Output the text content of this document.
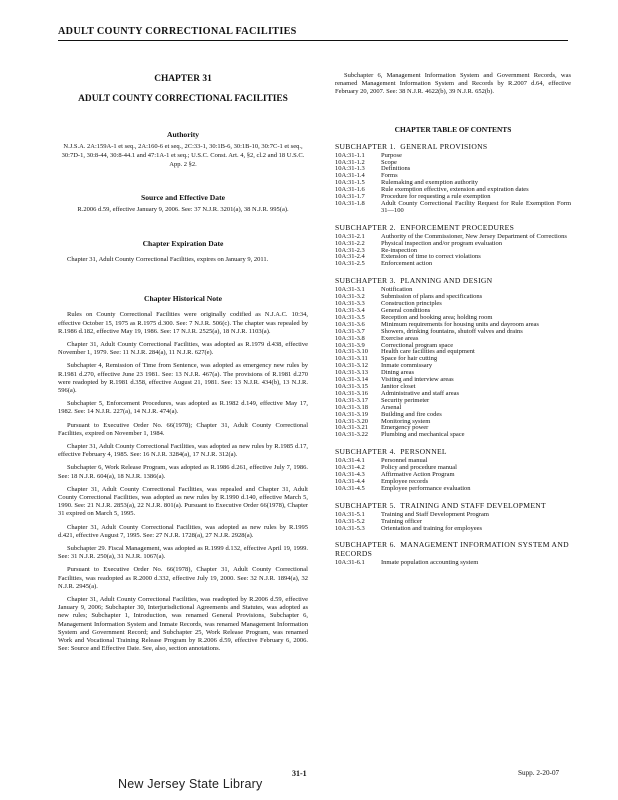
ADULT COUNTY CORRECTIONAL FACILITIES
CHAPTER 31
ADULT COUNTY CORRECTIONAL FACILITIES
Authority
N.J.S.A. 2A:159A-1 et seq., 2A:160-6 et seq., 2C:33-1, 30:1B-6, 30:1B-10, 30:7C-1 et seq., 30:7D-1, 30:8-44, 30:8-44.1 and 47:1A-1 et seq.; U.S.C. Const. Art. 4, §2, cl.2 and 18 U.S.C. App. 2 §2.
Source and Effective Date
R.2006 d.59, effective January 9, 2006. See: 37 N.J.R. 3201(a), 38 N.J.R. 995(a).
Chapter Expiration Date
Chapter 31, Adult County Correctional Facilities, expires on January 9, 2011.
Chapter Historical Note

Rules on County Correctional Facilities were originally codified as N.J.A.C. 10:34, effective October 15, 1975 as R.1975 d.300. See: 7 N.J.R. 506(c). The chapter was repealed by R.1986 d.182, effective May 19, 1986. See: 17 N.J.R. 2525(a), 18 N.J.R. 1103(a).

Chapter 31, Adult County Correctional Facilities, was adopted as R.1979 d.438, effective November 1, 1979. See: 11 N.J.R. 284(a), 11 N.J.R. 627(e).

Subchapter 4, Remission of Time from Sentence, was adopted as emergency new rules by R.1981 d.270, effective June 23 1981. See: 13 N.J.R. 467(a). The provisions of R.1981 d.270 were readopted by R.1981 d.358, effective August 21, 1981. See: 13 N.J.R. 434(b), 13 N.J.R. 596(a).

Subchapter 5, Enforcement Procedures, was adopted as R.1982 d.149, effective May 17, 1982. See: 14 N.J.R. 227(a), 14 N.J.R. 474(a).

Pursuant to Executive Order No. 66(1978); Chapter 31, Adult County Correctional Facilities, expired on November 1, 1984.

Chapter 31, Adult County Correctional Facilities, was adopted as new rules by R.1985 d.17, effective February 4, 1985. See: 16 N.J.R. 3284(a), 17 N.J.R. 312(a).

Subchapter 6, Work Release Program, was adopted as R.1986 d.261, effective July 7, 1986. See: 18 N.J.R. 604(a), 18 N.J.R. 1386(a).

Chapter 31, Adult County Correctional Facilities, was repealed and Chapter 31, Adult County Correctional Facilities, was adopted as new rules by R.1990 d.140, effective March 5, 1990. See: 21 N.J.R. 2853(a), 22 N.J.R. 801(a). Pursuant to Executive Order 66(1978), Chapter 31 expired on March 5, 1995.

Chapter 31, Adult County Correctional Facilities, was adopted as new rules by R.1995 d.421, effective August 7, 1995. See: 27 N.J.R. 1728(a), 27 N.J.R. 2928(a).

Subchapter 29. Fiscal Management, was adopted as R.1999 d.132, effective April 19, 1999. See: 31 N.J.R. 250(a), 31 N.J.R. 1067(a).

Pursuant to Executive Order No. 66(1978), Chapter 31, Adult County Correctional Facilities, was readopted as R.2000 d.332, effective July 19, 2000. See: 32 N.J.R. 1894(a), 32 N.J.R. 2945(a).

Chapter 31, Adult County Correctional Facilities, was readopted by R.2006 d.59, effective January 9, 2006; Subchapter 30, Interjurisdictional Agreements and Statutes, was adopted as new rules; Subchapter 1, Introduction, was renamed General Provisions, Subchapter 6, Management Information System and Inmate Records, was renamed Management Information System and Government Record; and Subchapter 25, Work Release Program, was renamed Work and Vocational Training Release Program by R.2006 d.59, effective February 6, 2006. See: Source and Effective Date. See, also, section annotations.

Subchapter 6, Management Information System and Government Records, was renamed Management Information System and Records by R.2007 d.64, effective February 20, 2007. See: 38 N.J.R. 4622(b), 39 N.J.R. 652(b).

CHAPTER TABLE OF CONTENTS
SUBCHAPTER 1. GENERAL PROVISIONS
10A:31-1.1	Purpose
10A:31-1.2	Scope
10A:31-1.3	Definitions
10A:31-1.4	Forms
10A:31-1.5	Rulemaking and exemption authority
10A:31-1.6	Rule exemption effective, extension and expiration dates
10A:31-1.7	Procedure for requesting a rule exemption
10A:31-1.8	Adult County Correctional Facility Request for Rule Exemption Form 31—100
SUBCHAPTER 2. ENFORCEMENT PROCEDURES
10A:31-2.1	Authority of the Commissioner, New Jersey Department of Corrections
10A:31-2.2	Physical inspection and/or program evaluation
10A:31-2.3	Re-inspection
10A:31-2.4	Extension of time to correct violations
10A:31-2.5	Enforcement action
SUBCHAPTER 3. PLANNING AND DESIGN
10A:31-3.1	Notification
10A:31-3.2	Submission of plans and specifications
10A:31-3.3	Construction principles
10A:31-3.4	General conditions
10A:31-3.5	Reception and booking area; holding room
10A:31-3.6	Minimum requirements for housing units and dayroom areas
10A:31-3.7	Showers, drinking fountains, shutoff valves and drains
10A:31-3.8	Exercise areas
10A:31-3.9	Correctional program space
10A:31-3.10	Health care facilities and equipment
10A:31-3.11	Space for hair cutting
10A:31-3.12	Inmate commissary
10A:31-3.13	Dining areas
10A:31-3.14	Visiting and interview areas
10A:31-3.15	Janitor closet
10A:31-3.16	Administrative and staff areas
10A:31-3.17	Security perimeter
10A:31-3.18	Arsenal
10A:31-3.19	Building and fire codes
10A:31-3.20	Monitoring system
10A:31-3.21	Emergency power
10A:31-3.22	Plumbing and mechanical space
SUBCHAPTER 4. PERSONNEL
10A:31-4.1	Personnel manual
10A:31-4.2	Policy and procedure manual
10A:31-4.3	Affirmative Action Program
10A:31-4.4	Employee records
10A:31-4.5	Employee performance evaluation
SUBCHAPTER 5. TRAINING AND STAFF DEVELOPMENT
10A:31-5.1	Training and Staff Development Program
10A:31-5.2	Training officer
10A:31-5.3	Orientation and training for employees
SUBCHAPTER 6. MANAGEMENT INFORMATION SYSTEM AND RECORDS
10A:31-6.1	Inmate population accounting system
New Jersey State Library
31-1	Supp. 2-20-07
